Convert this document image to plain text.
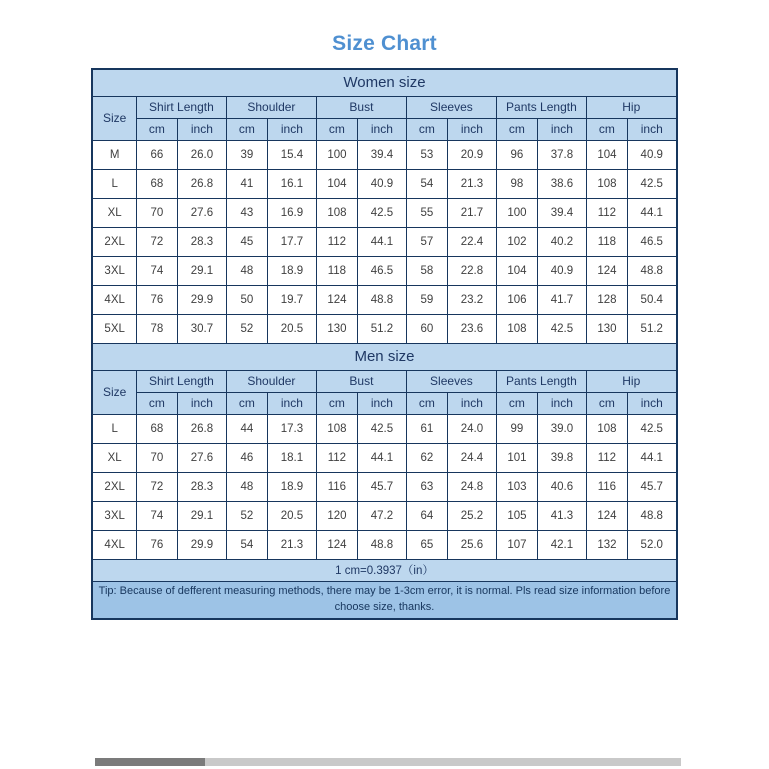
Size Chart
Women size												
Size	Shirt Length		Shoulder		Bust		Sleeves		Pants Length		Hip	
	cm	inch	cm	inch	cm	inch	cm	inch	cm	inch	cm	inch
M	66	26.0	39	15.4	100	39.4	53	20.9	96	37.8	104	40.9
L	68	26.8	41	16.1	104	40.9	54	21.3	98	38.6	108	42.5
XL	70	27.6	43	16.9	108	42.5	55	21.7	100	39.4	112	44.1
2XL	72	28.3	45	17.7	112	44.1	57	22.4	102	40.2	118	46.5
3XL	74	29.1	48	18.9	118	46.5	58	22.8	104	40.9	124	48.8
4XL	76	29.9	50	19.7	124	48.8	59	23.2	106	41.7	128	50.4
5XL	78	30.7	52	20.5	130	51.2	60	23.6	108	42.5	130	51.2
Men size												
Size	Shirt Length		Shoulder		Bust		Sleeves		Pants Length		Hip	
	cm	inch	cm	inch	cm	inch	cm	inch	cm	inch	cm	inch
L	68	26.8	44	17.3	108	42.5	61	24.0	99	39.0	108	42.5
XL	70	27.6	46	18.1	112	44.1	62	24.4	101	39.8	112	44.1
2XL	72	28.3	48	18.9	116	45.7	63	24.8	103	40.6	116	45.7
3XL	74	29.1	52	20.5	120	47.2	64	25.2	105	41.3	124	48.8
4XL	76	29.9	54	21.3	124	48.8	65	25.6	107	42.1	132	52.0
1 cm=0.3937（in）												
Tip: Because of defferent measuring methods, there may be 1-3cm error, it is normal. Pls read size information before choose size, thanks.												
